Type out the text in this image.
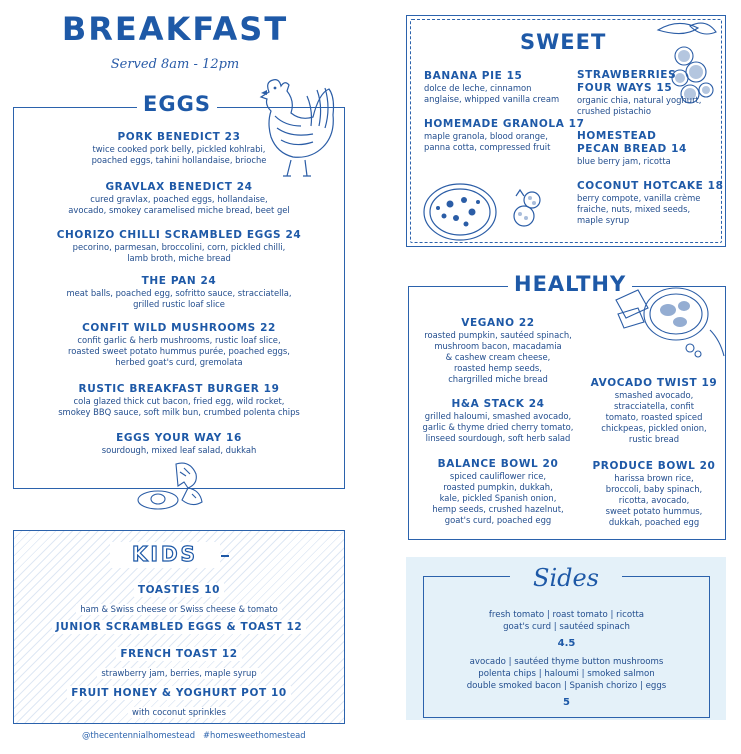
BREAKFAST
Served 8am - 12pm
EGGS
PORK BENEDICT 23
twice cooked pork belly, pickled kohlrabi,
poached eggs, tahini hollandaise, brioche
GRAVLAX BENEDICT 24
cured gravlax, poached eggs, hollandaise,
avocado, smokey caramelised miche bread, beet gel
CHORIZO CHILLI SCRAMBLED EGGS 24
pecorino, parmesan, broccolini, corn, pickled chilli,
lamb broth, miche bread
THE PAN 24
meat balls, poached egg, sofritto sauce, stracciatella,
grilled rustic loaf slice
CONFIT WILD MUSHROOMS 22
confit garlic & herb mushrooms, rustic loaf slice,
roasted sweet potato hummus purée, poached eggs,
herbed goat's curd, gremolata
RUSTIC BREAKFAST BURGER 19
cola glazed thick cut bacon, fried egg, wild rocket,
smokey BBQ sauce, soft milk bun, crumbed polenta chips
EGGS YOUR WAY 16
sourdough, mixed leaf salad, dukkah
KIDS
TOASTIES 10
ham & Swiss cheese or Swiss cheese & tomato
JUNIOR SCRAMBLED EGGS & TOAST 12
FRENCH TOAST 12
strawberry jam, berries, maple syrup
FRUIT HONEY & YOGHURT POT 10
with coconut sprinkles
@thecentennialhomestead   #homesweethomestead
SWEET
BANANA PIE 15
dolce de leche, cinnamon
anglaise, whipped vanilla cream
HOMEMADE GRANOLA 17
maple granola, blood orange,
panna cotta, compressed fruit
STRAWBERRIES
FOUR WAYS 15
organic chia, natural yoghurt,
crushed pistachio
HOMESTEAD
PECAN BREAD 14
blue berry jam, ricotta
COCONUT HOTCAKE 18
berry compote, vanilla crème
fraiche, nuts, mixed seeds,
maple syrup
HEALTHY
VEGANO 22
roasted pumpkin, sautéed spinach,
mushroom bacon, macadamia
& cashew cream cheese,
roasted hemp seeds,
chargrilled miche bread
H&A STACK 24
grilled haloumi, smashed avocado,
garlic & thyme dried cherry tomato,
linseed sourdough, soft herb salad
BALANCE BOWL 20
spiced cauliflower rice,
roasted pumpkin, dukkah,
kale, pickled Spanish onion,
hemp seeds, crushed hazelnut,
goat's curd, poached egg
AVOCADO TWIST 19
smashed avocado,
stracciatella, confit
tomato, roasted spiced
chickpeas, pickled onion,
rustic bread
PRODUCE BOWL 20
harissa brown rice,
broccoli, baby spinach,
ricotta, avocado,
sweet potato hummus,
dukkah, poached egg
Sides
fresh tomato | roast tomato | ricotta
goat's curd | sautéed spinach
4.5
avocado | sautéed thyme button mushrooms
polenta chips | haloumi | smoked salmon
double smoked bacon | Spanish chorizo | eggs
5
